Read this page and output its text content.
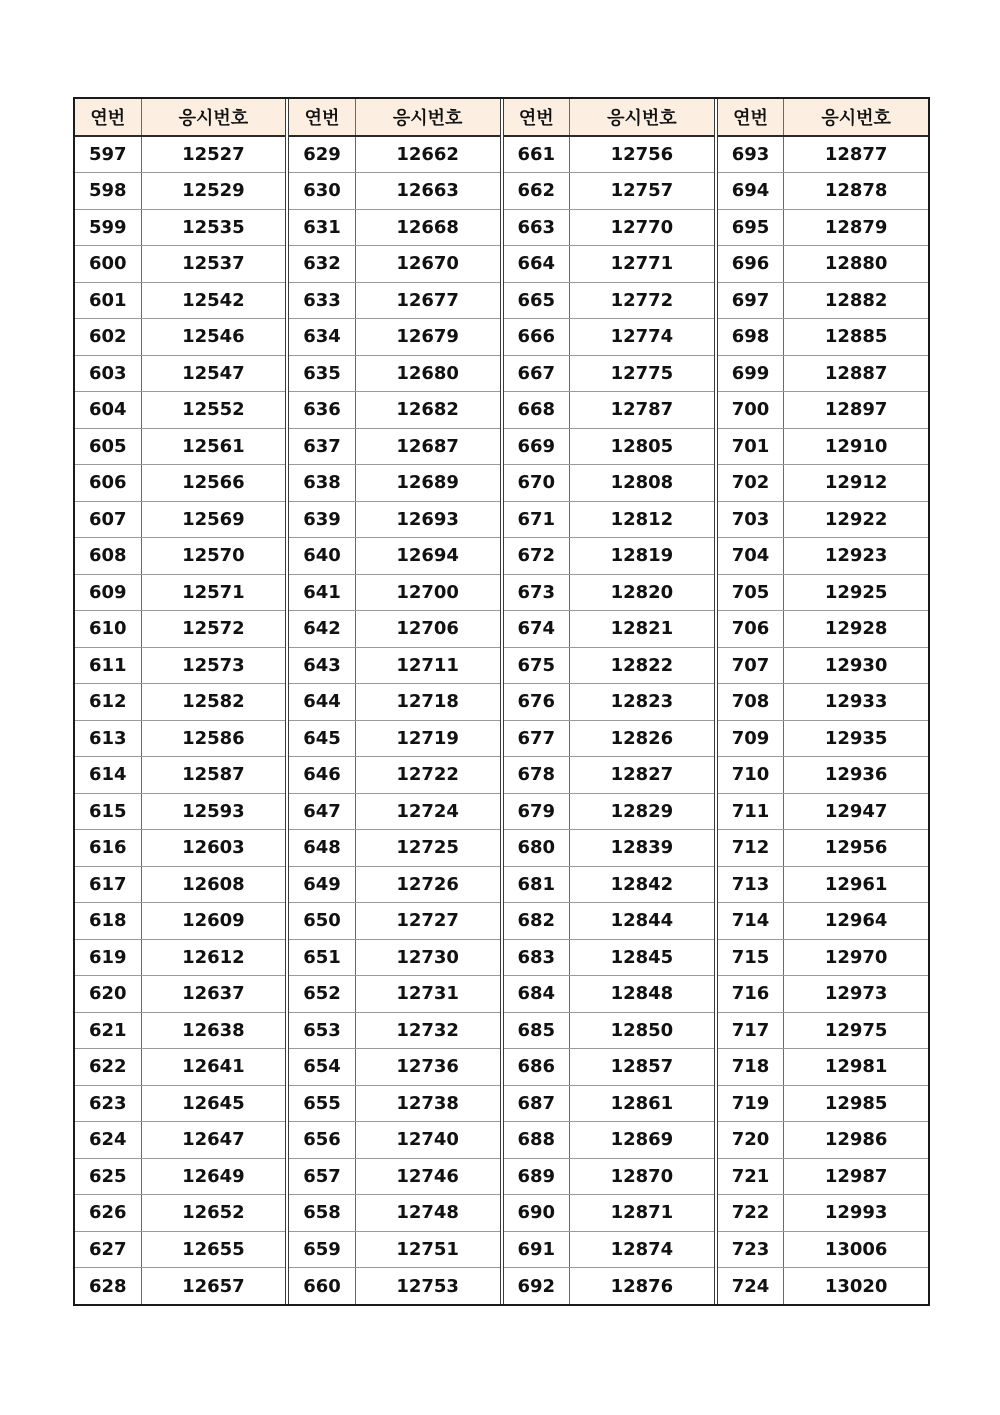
연번	응시번호
597	12527
598	12529
599	12535
600	12537
601	12542
602	12546
603	12547
604	12552
605	12561
606	12566
607	12569
608	12570
609	12571
610	12572
611	12573
612	12582
613	12586
614	12587
615	12593
616	12603
617	12608
618	12609
619	12612
620	12637
621	12638
622	12641
623	12645
624	12647
625	12649
626	12652
627	12655
628	12657
연번	응시번호
629	12662
630	12663
631	12668
632	12670
633	12677
634	12679
635	12680
636	12682
637	12687
638	12689
639	12693
640	12694
641	12700
642	12706
643	12711
644	12718
645	12719
646	12722
647	12724
648	12725
649	12726
650	12727
651	12730
652	12731
653	12732
654	12736
655	12738
656	12740
657	12746
658	12748
659	12751
660	12753
연번	응시번호
661	12756
662	12757
663	12770
664	12771
665	12772
666	12774
667	12775
668	12787
669	12805
670	12808
671	12812
672	12819
673	12820
674	12821
675	12822
676	12823
677	12826
678	12827
679	12829
680	12839
681	12842
682	12844
683	12845
684	12848
685	12850
686	12857
687	12861
688	12869
689	12870
690	12871
691	12874
692	12876
연번	응시번호
693	12877
694	12878
695	12879
696	12880
697	12882
698	12885
699	12887
700	12897
701	12910
702	12912
703	12922
704	12923
705	12925
706	12928
707	12930
708	12933
709	12935
710	12936
711	12947
712	12956
713	12961
714	12964
715	12970
716	12973
717	12975
718	12981
719	12985
720	12986
721	12987
722	12993
723	13006
724	13020
